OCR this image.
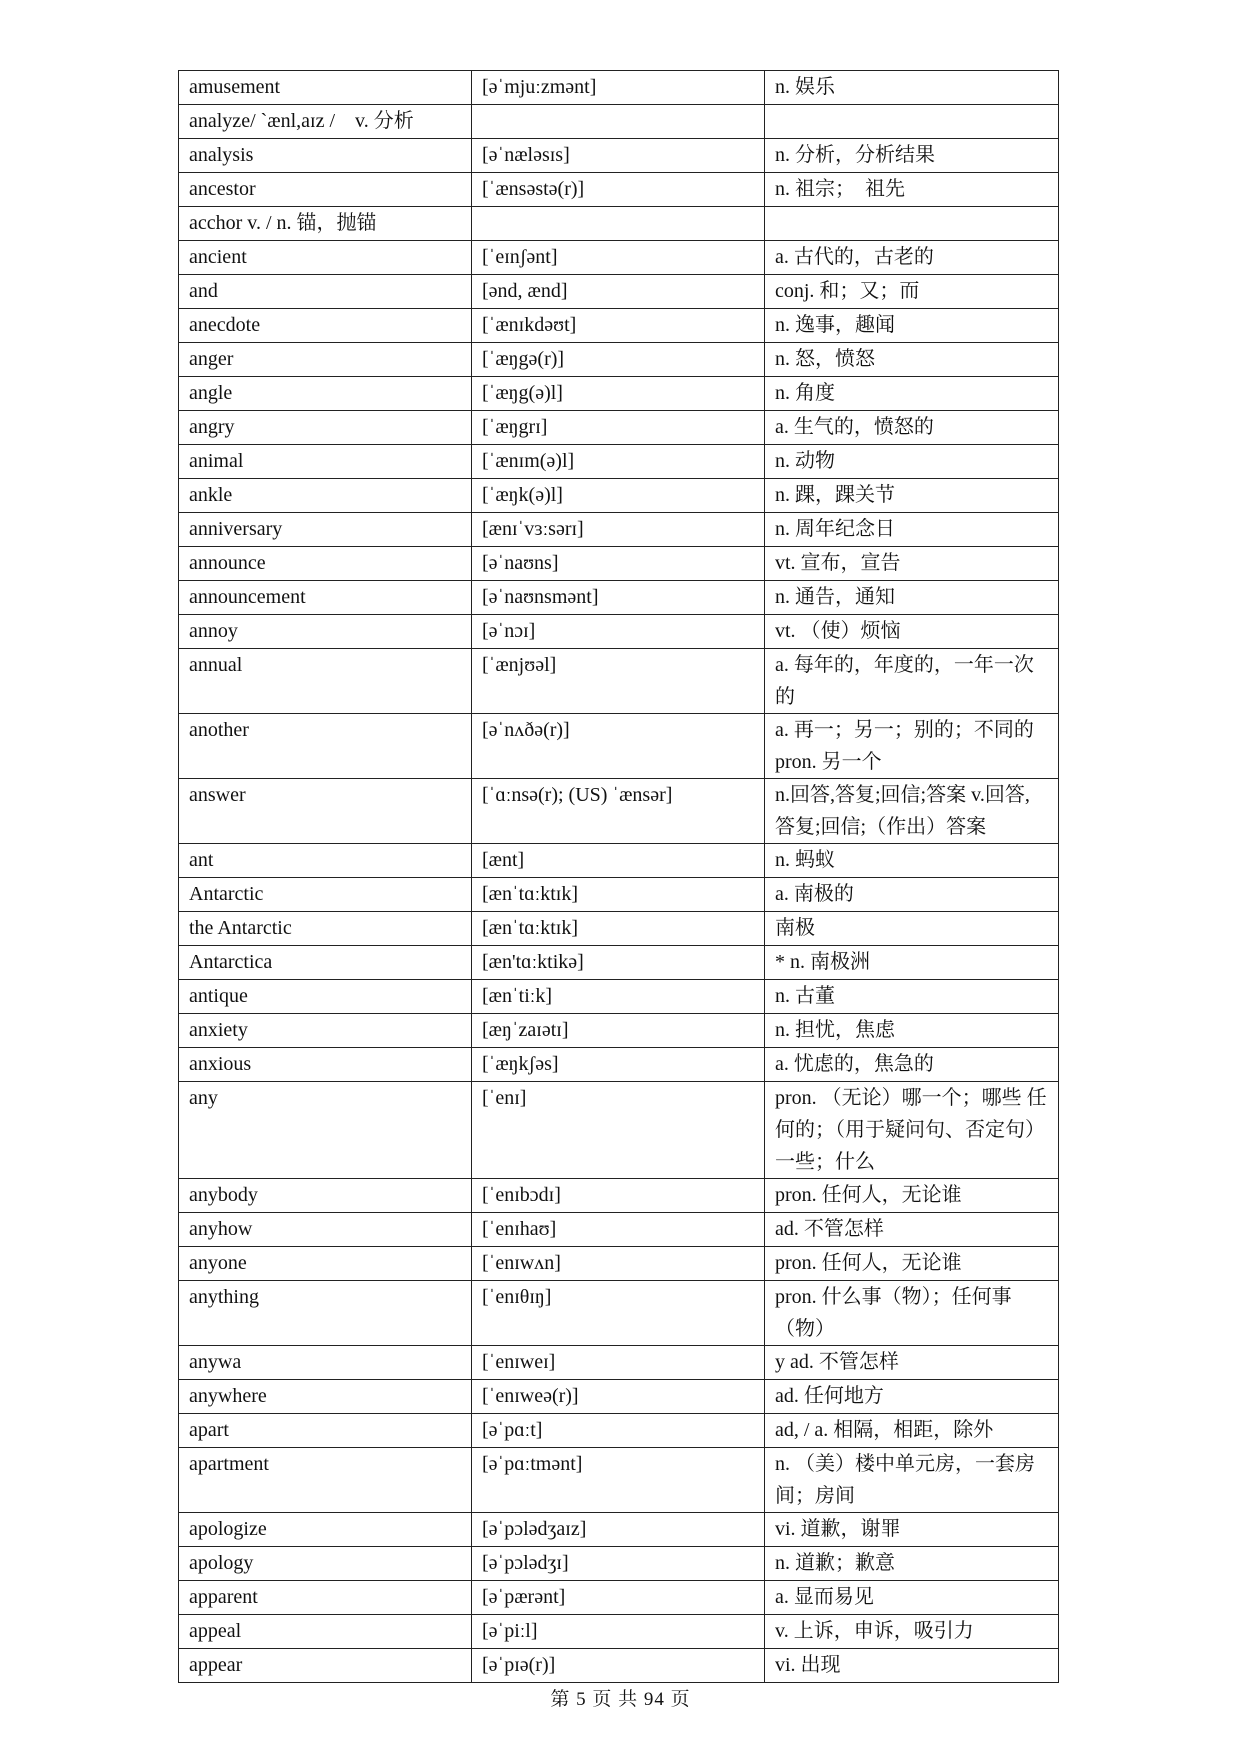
amusement	[əˈmjuːzmənt]	n. 娱乐
analyze/ ˋænl,aɪz /　v. 分析		
analysis	[əˈnæləsɪs]	n. 分析，分析结果
ancestor	[ˈænsəstə(r)]	n. 祖宗；　祖先
acchor v. / n. 锚，抛锚		
ancient	[ˈeɪnʃənt]	a. 古代的，古老的
and	[ənd, ænd]	conj. 和；又；而
anecdote	[ˈænɪkdəʊt]	n. 逸事，趣闻
anger	[ˈæŋgə(r)]	n. 怒，愤怒
angle	[ˈæŋg(ə)l]	n. 角度
angry	[ˈæŋgrɪ]	a. 生气的，愤怒的
animal	[ˈænɪm(ə)l]	n. 动物
ankle	[ˈæŋk(ə)l]	n. 踝，踝关节
anniversary	[ænɪˈvɜːsərɪ]	n. 周年纪念日
announce	[əˈnaʊns]	vt. 宣布，宣告
announcement	[əˈnaʊnsmənt]	n. 通告，通知
annoy	[əˈnɔɪ]	vt. （使）烦恼
annual	[ˈænjʊəl]	a. 每年的，年度的，一年一次的
another	[əˈnʌðə(r)]	a. 再一；另一；别的；不同的 pron. 另一个
answer	[ˈɑːnsə(r); (US) ˈænsər]	n.回答,答复;回信;答案 v.回答,答复;回信;（作出）答案
ant	[ænt]	n. 蚂蚁
Antarctic	[ænˈtɑːktɪk]	a. 南极的
the Antarctic	[ænˈtɑːktɪk]	南极
Antarctica	[æn'tɑːktikə]	* n. 南极洲
antique	[ænˈtiːk]	n. 古董
anxiety	[æŋˈzaɪətɪ]	n. 担忧，焦虑
anxious	[ˈæŋkʃəs]	a. 忧虑的，焦急的
any	[ˈenɪ]	pron. （无论）哪一个；哪些 任何的；（用于疑问句、否定句）一些；什么
anybody	[ˈenɪbɔdɪ]	pron. 任何人，无论谁
anyhow	[ˈenɪhaʊ]	ad. 不管怎样
anyone	[ˈenɪwʌn]	pron. 任何人，无论谁
anything	[ˈenɪθɪŋ]	pron. 什么事（物）；任何事（物）
anywa	[ˈenɪweɪ]	y ad. 不管怎样
anywhere	[ˈenɪweə(r)]	ad. 任何地方
apart	[əˈpɑːt]	ad, / a. 相隔，相距，除外
apartment	[əˈpɑːtmənt]	n. （美）楼中单元房，一套房间；房间
apologize	[əˈpɔlədʒaɪz]	vi. 道歉，谢罪
apology	[əˈpɔlədʒɪ]	n. 道歉；歉意
apparent	[əˈpærənt]	a. 显而易见
appeal	[əˈpiːl]	v. 上诉，申诉，吸引力
appear	[əˈpɪə(r)]	vi. 出现
第 5 页 共 94 页
